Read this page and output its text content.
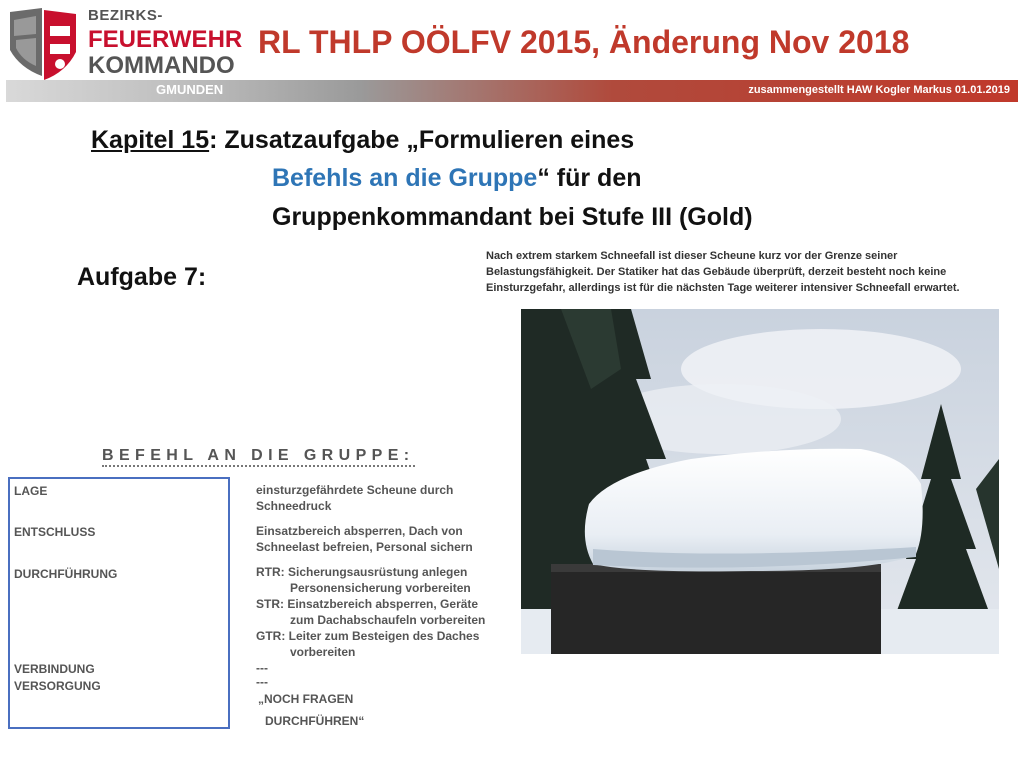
BEZIRKS-
FEUERWEHR
KOMMANDO
RL THLP OÖLFV 2015, Änderung Nov 2018
GMUNDEN	zusammengestellt HAW Kogler Markus 01.01.2019
Kapitel 15: Zusatzaufgabe „Formulieren eines
Befehls an die Gruppe“ für den
Gruppenkommandant bei Stufe III (Gold)
Aufgabe 7:
Nach extrem starkem Schneefall ist dieser Scheune kurz vor der Grenze seiner
Belastungsfähigkeit. Der Statiker hat das Gebäude überprüft, derzeit besteht noch keine
Einsturzgefahr, allerdings ist für die nächsten Tage weiterer intensiver Schneefall erwartet.
BEFEHL AN DIE GRUPPE:
LAGE
ENTSCHLUSS
DURCHFÜHRUNG
VERBINDUNG
VERSORGUNG
einsturzgefährdete Scheune durch
Schneedruck
Einsatzbereich absperren, Dach von
Schneelast befreien, Personal sichern
RTR: Sicherungsausrüstung anlegen
Personensicherung vorbereiten
STR: Einsatzbereich absperren, Geräte
zum Dachabschaufeln vorbereiten
GTR: Leiter zum Besteigen des Daches
vorbereiten
---
---
„NOCH FRAGEN
DURCHFÜHREN“
